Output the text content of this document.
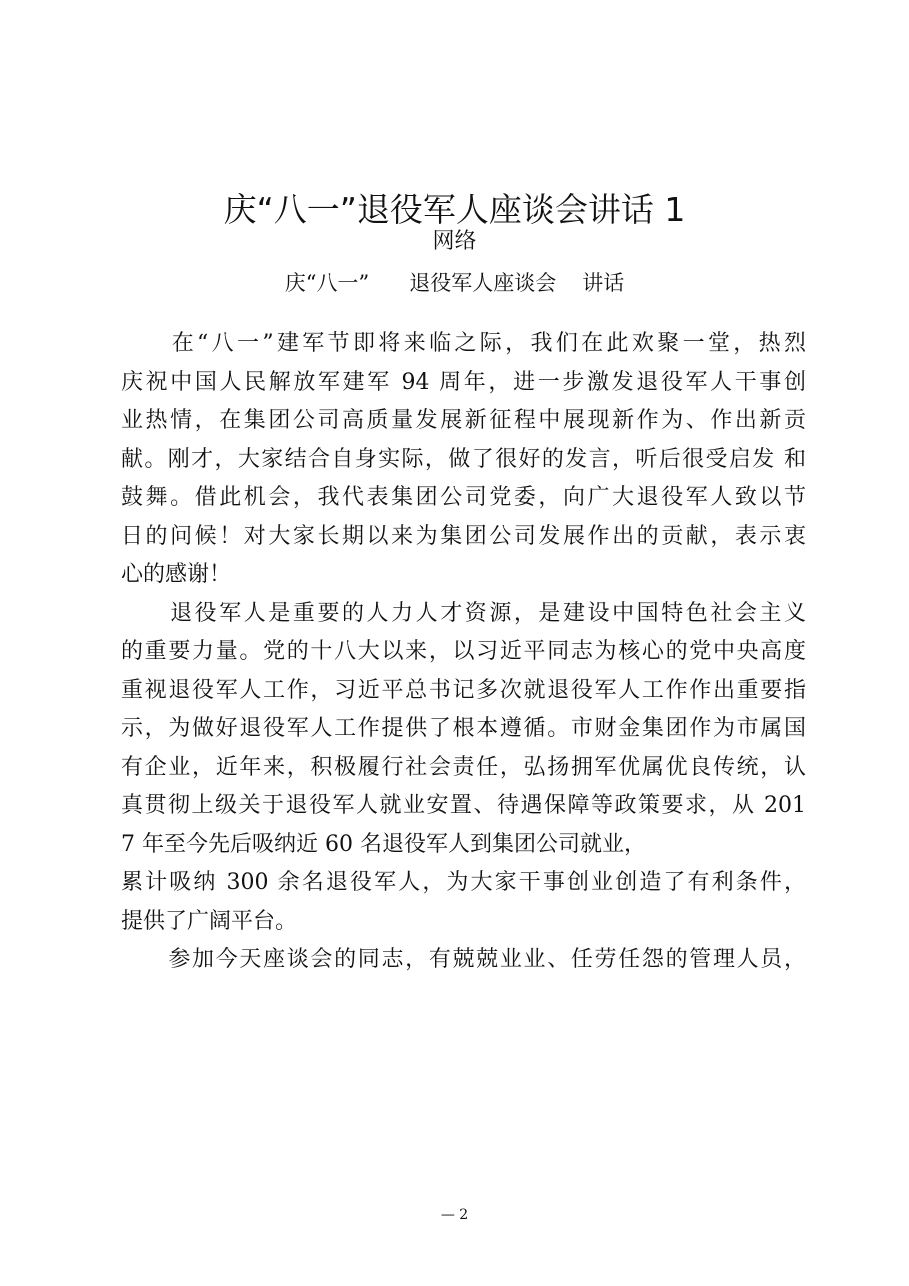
庆“八一”退役军人座谈会讲话 1
网络
庆“八一” 退役军人座谈会 讲话
　　在“八一”建军节即将来临之际，我们在此欢聚一堂，热烈
庆祝中国人民解放军建军 94 周年，进一步激发退役军人干事创
业热情，在集团公司高质量发展新征程中展现新作为、作出新贡
献。刚才，大家结合自身实际，做了很好的发言，听后很受启发 和
鼓舞。借此机会，我代表集团公司党委，向广大退役军人致以节
日的问候！对大家长期以来为集团公司发展作出的贡献，表示衷
心的感谢！
　　退役军人是重要的人力人才资源，是建设中国特色社会主义
的重要力量。党的十八大以来，以习近平同志为核心的党中央高度
重视退役军人工作，习近平总书记多次就退役军人工作作出重要指
示，为做好退役军人工作提供了根本遵循。市财金集团作为市属国
有企业，近年来，积极履行社会责任，弘扬拥军优属优良传统，认
真贯彻上级关于退役军人就业安置、待遇保障等政策要求，从 201
7 年至今先后吸纳近 60 名退役军人到集团公司就业，
累计吸纳 300 余名退役军人，为大家干事创业创造了有利条件，
提供了广阔平台。
　　参加今天座谈会的同志，有兢兢业业、任劳任怨的管理人员，
— 2
